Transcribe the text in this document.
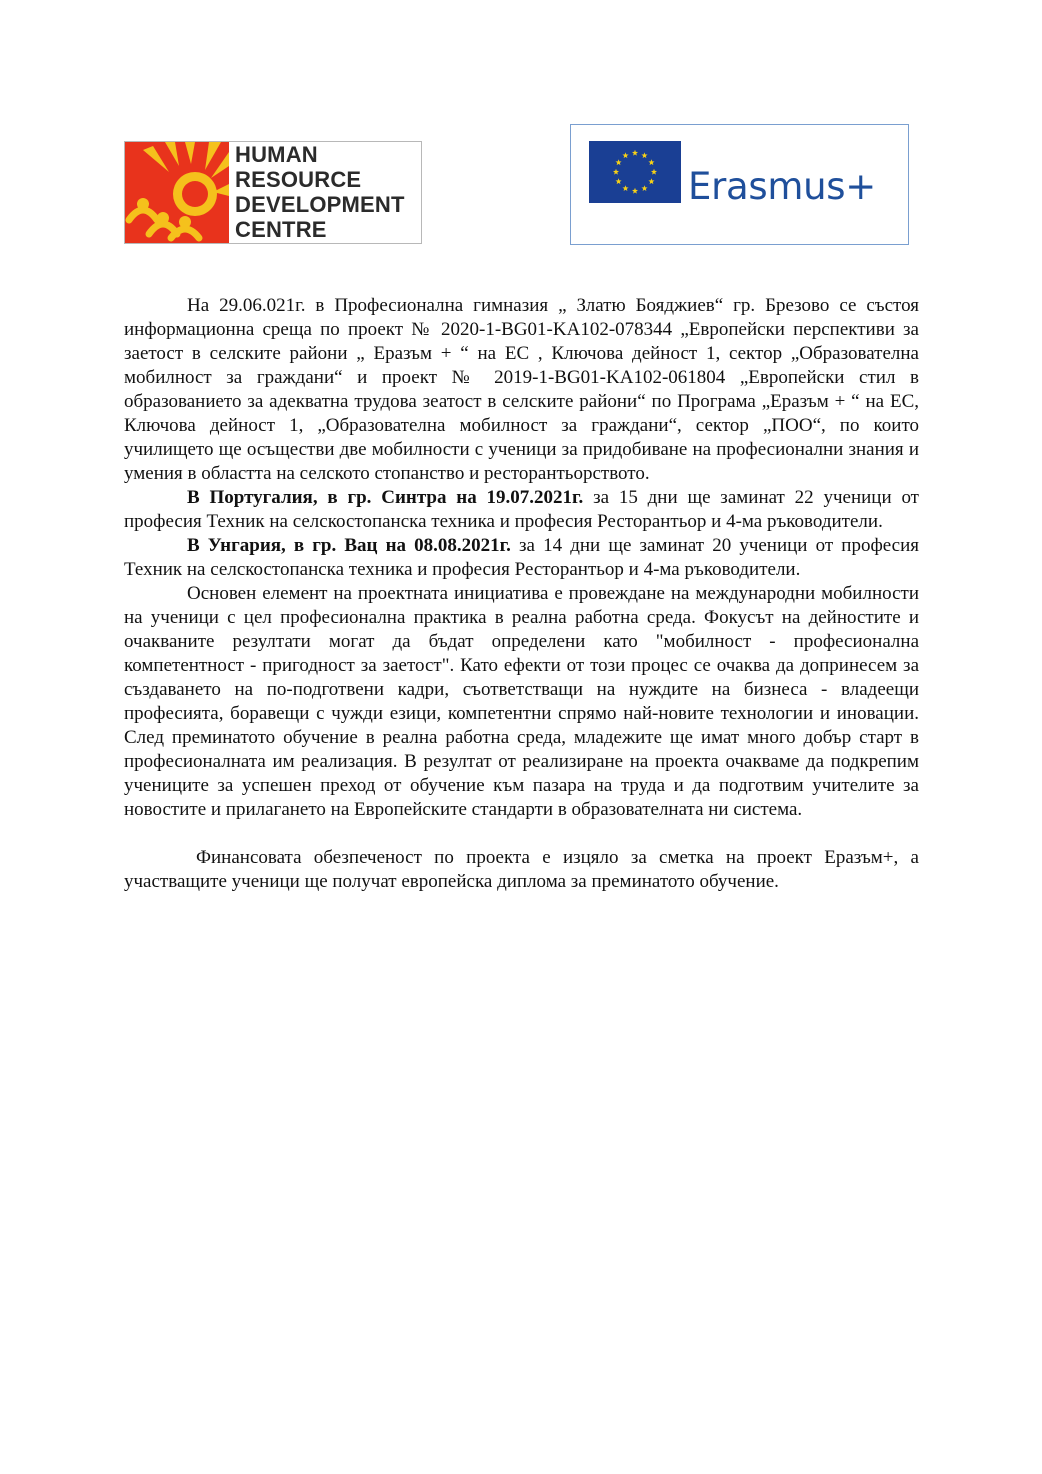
HUMAN
RESOURCE
DEVELOPMENT
CENTRE
Erasmus+

На 29.06.021г. в Професионална гимназия „ Златю Бояджиев“ гр. Брезово се състоя информационна среща по проект № 2020-1-BG01-KA102-078344 „Европейски перспективи за заетост в селските райони „ Еразъм + “ на ЕС , Ключова дейност 1, сектор „Образователна мобилност за граждани“ и проект № 2019-1-BG01-KA102-061804 „Европейски стил в образованието за адекватна трудова зеатост в селските райони“ по Програма „Еразъм + “ на ЕС, Ключова дейност 1, „Образователна мобилност за граждани“, сектор „ПОО“, по които училището ще осъществи две мобилности с ученици за придобиване на професионални знания и умения в областта на селското стопанство и ресторантьорството.

В Португалия, в гр. Синтра на 19.07.2021г. за 15 дни ще заминат 22 ученици от професия Техник на селскостопанска техника и професия Ресторантьор и 4-ма ръководители.

В Унгария, в гр. Вац на 08.08.2021г. за 14 дни ще заминат 20 ученици от професия Техник на селскостопанска техника и професия Ресторантьор и 4-ма ръководители.

Основен елемент на проектната инициатива е провеждане на международни мобилности на ученици с цел професионална практика в реална работна среда. Фокусът на дейностите и очакваните резултати могат да бъдат определени като "мобилност - професионална компетентност - пригодност за заетост". Като ефекти от този процес се очаква да допринесем за създаването на по-подготвени кадри, съответстващи на нуждите на бизнеса - владеещи професията, боравещи с чужди езици, компетентни спрямо най-новите технологии и иновации. След преминатото обучение в реална работна среда, младежите ще имат много добър старт в професионалната им реализация. В резултат от реализиране на проекта очакваме да подкрепим учениците за успешен преход от обучение към пазара на труда и да подготвим учителите за новостите и прилагането на Европейските стандарти в образователната ни система.

Финансовата обезпеченост по проекта е изцяло за сметка на проект Еразъм+, а участващите ученици ще получат европейска диплома за преминатото обучение.
